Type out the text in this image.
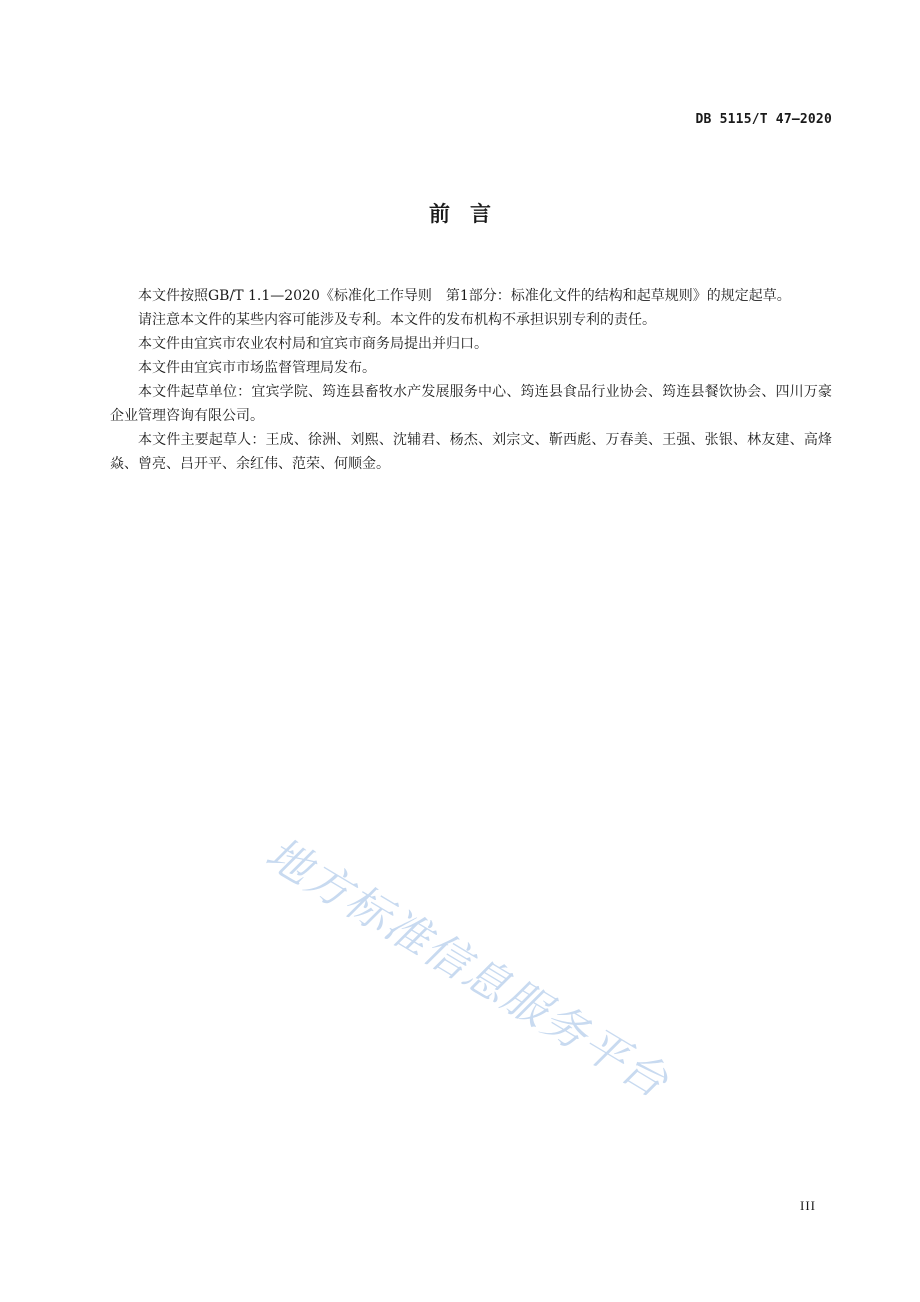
DB 5115/T 47—2020
前言

本文件按照GB/T 1.1—2020《标准化工作导则　第1部分：标准化文件的结构和起草规则》的规定起草。

请注意本文件的某些内容可能涉及专利。本文件的发布机构不承担识别专利的责任。

本文件由宜宾市农业农村局和宜宾市商务局提出并归口。

本文件由宜宾市市场监督管理局发布。

本文件起草单位：宜宾学院、筠连县畜牧水产发展服务中心、筠连县食品行业协会、筠连县餐饮协会、四川万豪企业管理咨询有限公司。

本文件主要起草人：王成、徐洲、刘熙、沈辅君、杨杰、刘宗文、靳西彪、万春美、王强、张银、林友建、高烽焱、曾亮、吕开平、余红伟、范荣、何顺金。

地方标准信息服务平台
III
